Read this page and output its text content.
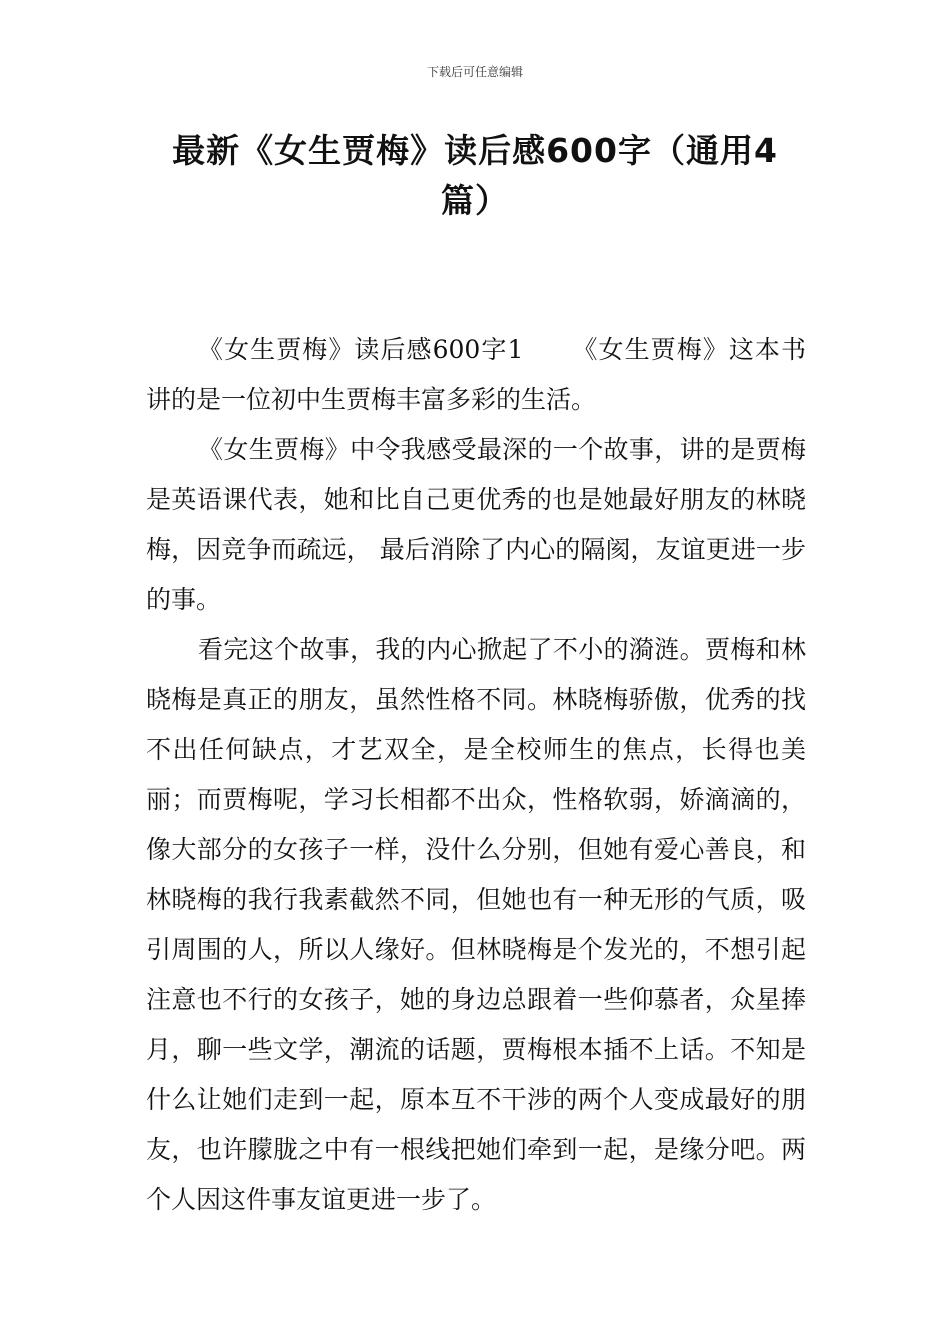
下载后可任意编辑
最新《女生贾梅》读后感600字（通用4篇）

《女生贾梅》读后感600字1 《女生贾梅》这本书讲的是一位初中生贾梅丰富多彩的生活。

《女生贾梅》中令我感受最深的一个故事，讲的是贾梅是英语课代表，她和比自己更优秀的也是她最好朋友的林晓梅，因竞争而疏远， 最后消除了内心的隔阂，友谊更进一步的事。

看完这个故事，我的内心掀起了不小的漪涟。贾梅和林晓梅是真正的朋友，虽然性格不同。林晓梅骄傲，优秀的找不出任何缺点，才艺双全，是全校师生的焦点，长得也美丽；而贾梅呢，学习长相都不出众，性格软弱，娇滴滴的，像大部分的女孩子一样，没什么分别，但她有爱心善良，和林晓梅的我行我素截然不同，但她也有一种无形的气质，吸引周围的人，所以人缘好。但林晓梅是个发光的，不想引起注意也不行的女孩子，她的身边总跟着一些仰慕者，众星捧月，聊一些文学，潮流的话题，贾梅根本插不上话。不知是什么让她们走到一起，原本互不干涉的两个人变成最好的朋友，也许朦胧之中有一根线把她们牵到一起，是缘分吧。两个人因这件事友谊更进一步了。
